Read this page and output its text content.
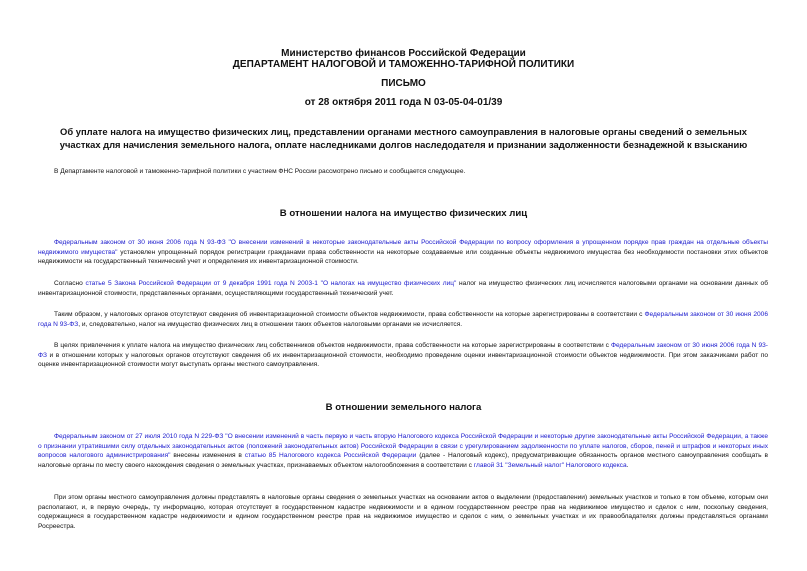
Министерство финансов Российской Федерации
ДЕПАРТАМЕНТ НАЛОГОВОЙ И ТАМОЖЕННО-ТАРИФНОЙ ПОЛИТИКИ
ПИСЬМО
от 28 октября 2011 года N 03-05-04-01/39
Об уплате налога на имущество физических лиц, представлении органами местного самоуправления в налоговые органы сведений о земельных участках для начисления земельного налога, оплате наследниками долгов наследодателя и признании задолженности безнадежной к взысканию
В Департаменте налоговой и таможенно-тарифной политики с участием ФНС России рассмотрено письмо и сообщается следующее.
В отношении налога на имущество физических лиц
Федеральным законом от 30 июня 2006 года N 93-ФЗ "О внесении изменений в некоторые законодательные акты Российской Федерации по вопросу оформления в упрощенном порядке прав граждан на отдельные объекты недвижимого имущества" установлен упрощенный порядок регистрации гражданами права собственности на некоторые создаваемые или созданные объекты недвижимого имущества без необходимости постановки этих объектов недвижимости на государственный технический учет и определения их инвентаризационной стоимости.
Согласно статье 5 Закона Российской Федерации от 9 декабря 1991 года N 2003-1 "О налогах на имущество физических лиц" налог на имущество физических лиц исчисляется налоговыми органами на основании данных об инвентаризационной стоимости, представленных органами, осуществляющими государственный технический учет.
Таким образом, у налоговых органов отсутствуют сведения об инвентаризационной стоимости объектов недвижимости, права собственности на которые зарегистрированы в соответствии с Федеральным законом от 30 июня 2006 года N 93-ФЗ, и, следовательно, налог на имущество физических лиц в отношении таких объектов налоговыми органами не исчисляется.
В целях привлечения к уплате налога на имущество физических лиц собственников объектов недвижимости, права собственности на которые зарегистрированы в соответствии с Федеральным законом от 30 июня 2006 года N 93-ФЗ и в отношении которых у налоговых органов отсутствуют сведения об их инвентаризационной стоимости, необходимо проведение оценки инвентаризационной стоимости объектов недвижимости. При этом заказчиками работ по оценке инвентаризационной стоимости могут выступать органы местного самоуправления.
В отношении земельного налога
Федеральным законом от 27 июля 2010 года N 229-ФЗ "О внесении изменений в часть первую и часть вторую Налогового кодекса Российской Федерации и некоторые другие законодательные акты Российской Федерации, а также о признании утратившими силу отдельных законодательных актов (положений законодательных актов) Российской Федерации в связи с урегулированием задолженности по уплате налогов, сборов, пеней и штрафов и некоторых иных вопросов налогового администрирования" внесены изменения в статью 85 Налогового кодекса Российской Федерации (далее - Налоговый кодекс), предусматривающие обязанность органов местного самоуправления сообщать в налоговые органы по месту своего нахождения сведения о земельных участках, признаваемых объектом налогообложения в соответствии с главой 31 "Земельный налог" Налогового кодекса.
При этом органы местного самоуправления должны представлять в налоговые органы сведения о земельных участках на основании актов о выделении (предоставлении) земельных участков и только в том объеме, которым они располагают, и, в первую очередь, ту информацию, которая отсутствует в государственном кадастре недвижимости и в едином государственном реестре прав на недвижимое имущество и сделок с ним, поскольку сведения, содержащиеся в государственном кадастре недвижимости и едином государственном реестре прав на недвижимое имущество и сделок с ним, о земельных участках и их правообладателях должны представляться органами Росреестра.
